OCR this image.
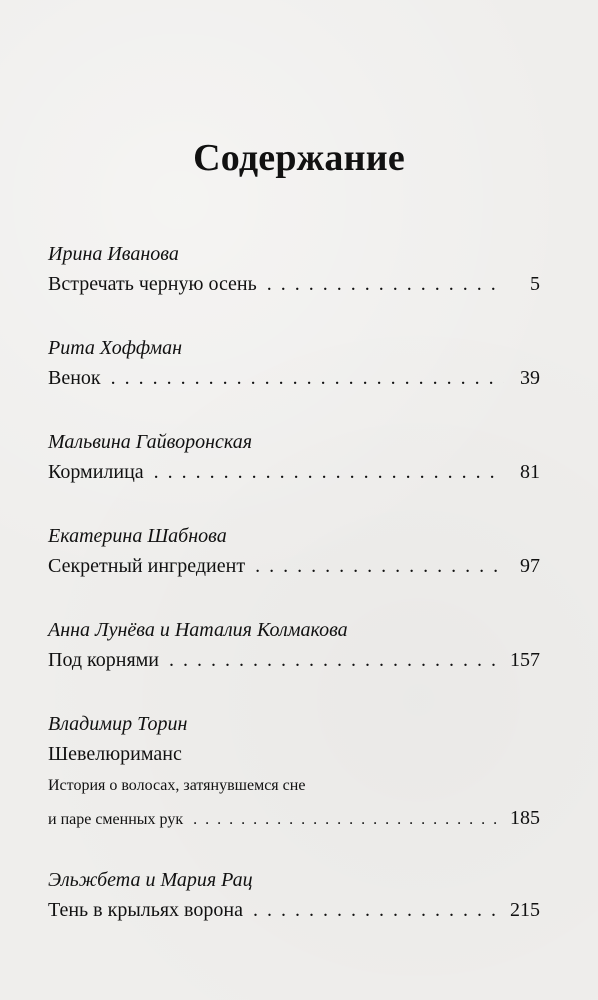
Содержание
Ирина Иванова
Встречать черную осень . . .	5
Рита Хоффман
Венок . . .	39
Мальвина Гайворонская
Кормилица . . .	81
Екатерина Шабнова
Секретный ингредиент . . .	97
Анна Лунёва и Наталия Колмакова
Под корнями . . .	157
Владимир Торин
Шевелюриманс
История о волосах, затянувшемся сне
и паре сменных рук . . .	185
Эльжбета и Мария Рац
Тень в крыльях ворона . . .	215
